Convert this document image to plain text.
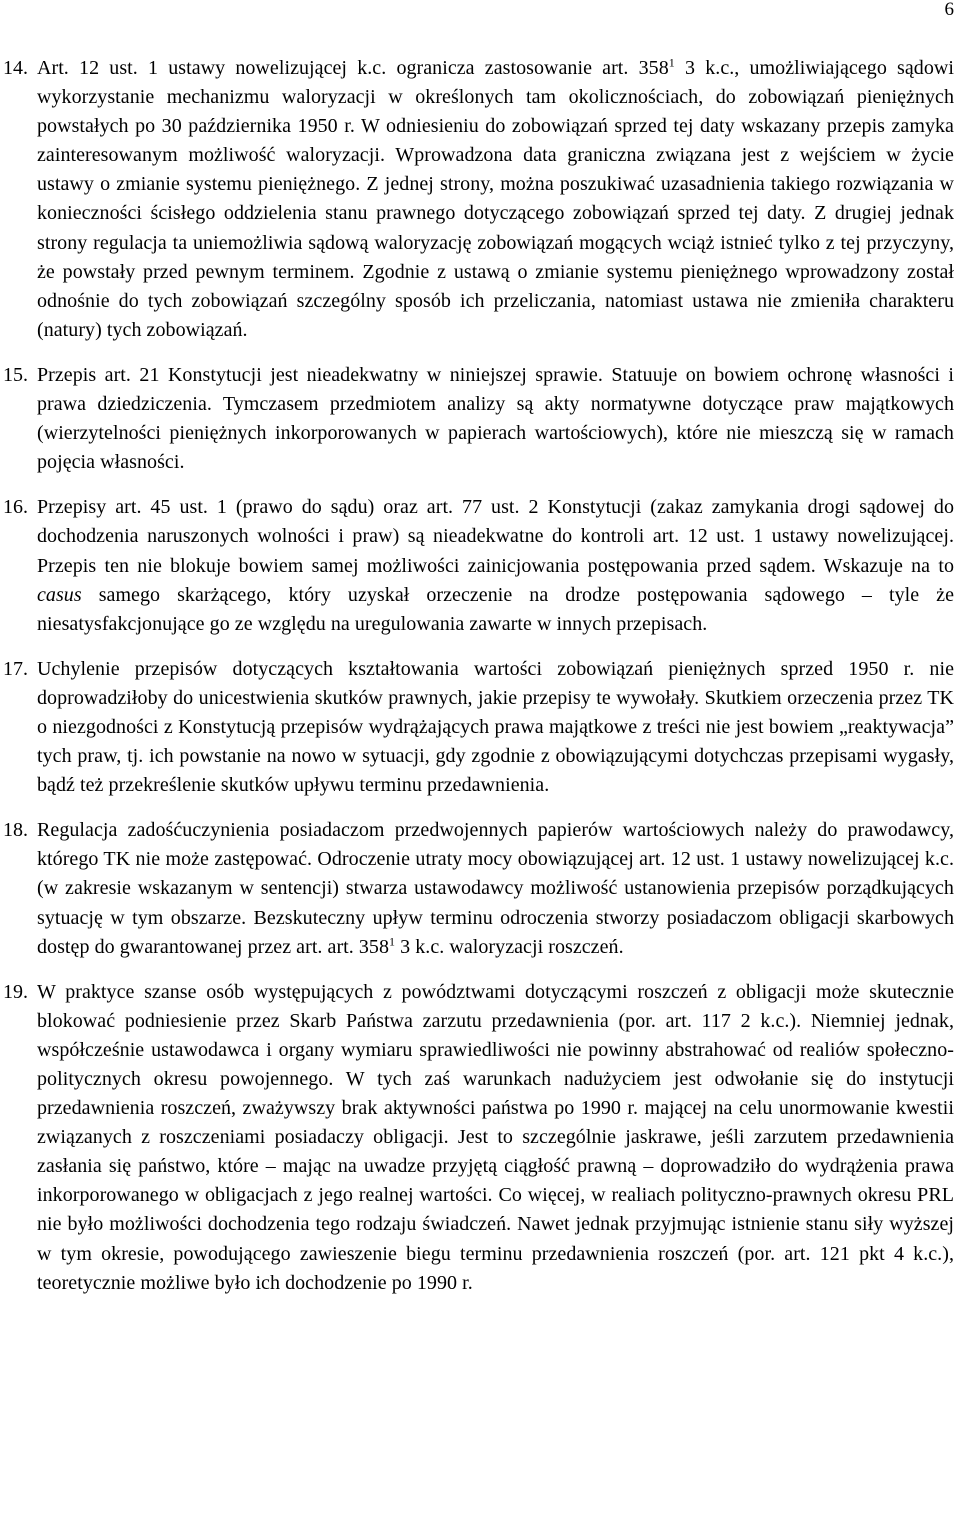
6
14. Art. 12 ust. 1 ustawy nowelizującej k.c. ogranicza zastosowanie art. $358^1$ 3 k.c., umożliwiającego sądowi wykorzystanie mechanizmu waloryzacji w określonych tam okolicznościach, do zobowiązań pieniężnych powstałych po 30 października 1950 r. W odniesieniu do zobowiązań sprzed tej daty wskazany przepis zamyka zainteresowanym możliwość waloryzacji. Wprowadzona data graniczna związana jest z wejściem w życie ustawy o zmianie systemu pieniężnego. Z jednej strony, można poszukiwać uzasadnienia takiego rozwiązania w konieczności ścisłego oddzielenia stanu prawnego dotyczącego zobowiązań sprzed tej daty. Z drugiej jednak strony regulacja ta uniemożliwia sądową waloryzację zobowiązań mogących wciąż istnieć tylko z tej przyczyny, że powstały przed pewnym terminem. Zgodnie z ustawą o zmianie systemu pieniężnego wprowadzony został odnośnie do tych zobowiązań szczególny sposób ich przeliczania, natomiast ustawa nie zmieniła charakteru (natury) tych zobowiązań.
15. Przepis art. 21 Konstytucji jest nieadekwatny w niniejszej sprawie. Statuuje on bowiem ochronę własności i prawa dziedziczenia. Tymczasem przedmiotem analizy są akty normatywne dotyczące praw majątkowych (wierzytelności pieniężnych inkorporowanych w papierach wartościowych), które nie mieszczą się w ramach pojęcia własności.
16. Przepisy art. 45 ust. 1 (prawo do sądu) oraz art. 77 ust. 2 Konstytucji (zakaz zamykania drogi sądowej do dochodzenia naruszonych wolności i praw) są nieadekwatne do kontroli art. 12 ust. 1 ustawy nowelizującej. Przepis ten nie blokuje bowiem samej możliwości zainicjowania postępowania przed sądem. Wskazuje na to casus samego skarżącego, który uzyskał orzeczenie na drodze postępowania sądowego – tyle że niesatysfakcjonujące go ze względu na uregulowania zawarte w innych przepisach.
17. Uchylenie przepisów dotyczących kształtowania wartości zobowiązań pieniężnych sprzed 1950 r. nie doprowadziłoby do unicestwienia skutków prawnych, jakie przepisy te wywołały. Skutkiem orzeczenia przez TK o niezgodności z Konstytucją przepisów wydrążających prawa majątkowe z treści nie jest bowiem „reaktywacja” tych praw, tj. ich powstanie na nowo w sytuacji, gdy zgodnie z obowiązującymi dotychczas przepisami wygasły, bądź też przekreślenie skutków upływu terminu przedawnienia.
18. Regulacja zadośćuczynienia posiadaczom przedwojennych papierów wartościowych należy do prawodawcy, którego TK nie może zastępować. Odroczenie utraty mocy obowiązującej art. 12 ust. 1 ustawy nowelizującej k.c. (w zakresie wskazanym w sentencji) stwarza ustawodawcy możliwość ustanowienia przepisów porządkujących sytuację w tym obszarze. Bezskuteczny upływ terminu odroczenia stworzy posiadaczom obligacji skarbowych dostęp do gwarantowanej przez art. art. $358^1$ 3 k.c. waloryzacji roszczeń.
19. W praktyce szanse osób występujących z powództwami dotyczącymi roszczeń z obligacji może skutecznie blokować podniesienie przez Skarb Państwa zarzutu przedawnienia (por. art. 117 2 k.c.). Niemniej jednak, współcześnie ustawodawca i organy wymiaru sprawiedliwości nie powinny abstrahować od realiów społeczno-politycznych okresu powojennego. W tych zaś warunkach nadużyciem jest odwołanie się do instytucji przedawnienia roszczeń, zważywszy brak aktywności państwa po 1990 r. mającej na celu unormowanie kwestii związanych z roszczeniami posiadaczy obligacji. Jest to szczególnie jaskrawe, jeśli zarzutem przedawnienia zasłania się państwo, które – mając na uwadze przyjętą ciągłość prawną – doprowadziło do wydrążenia prawa inkorporowanego w obligacjach z jego realnej wartości. Co więcej, w realiach polityczno-prawnych okresu PRL nie było możliwości dochodzenia tego rodzaju świadczeń. Nawet jednak przyjmując istnienie stanu siły wyższej w tym okresie, powodującego zawieszenie biegu terminu przedawnienia roszczeń (por. art. 121 pkt 4 k.c.), teoretycznie możliwe było ich dochodzenie po 1990 r.
